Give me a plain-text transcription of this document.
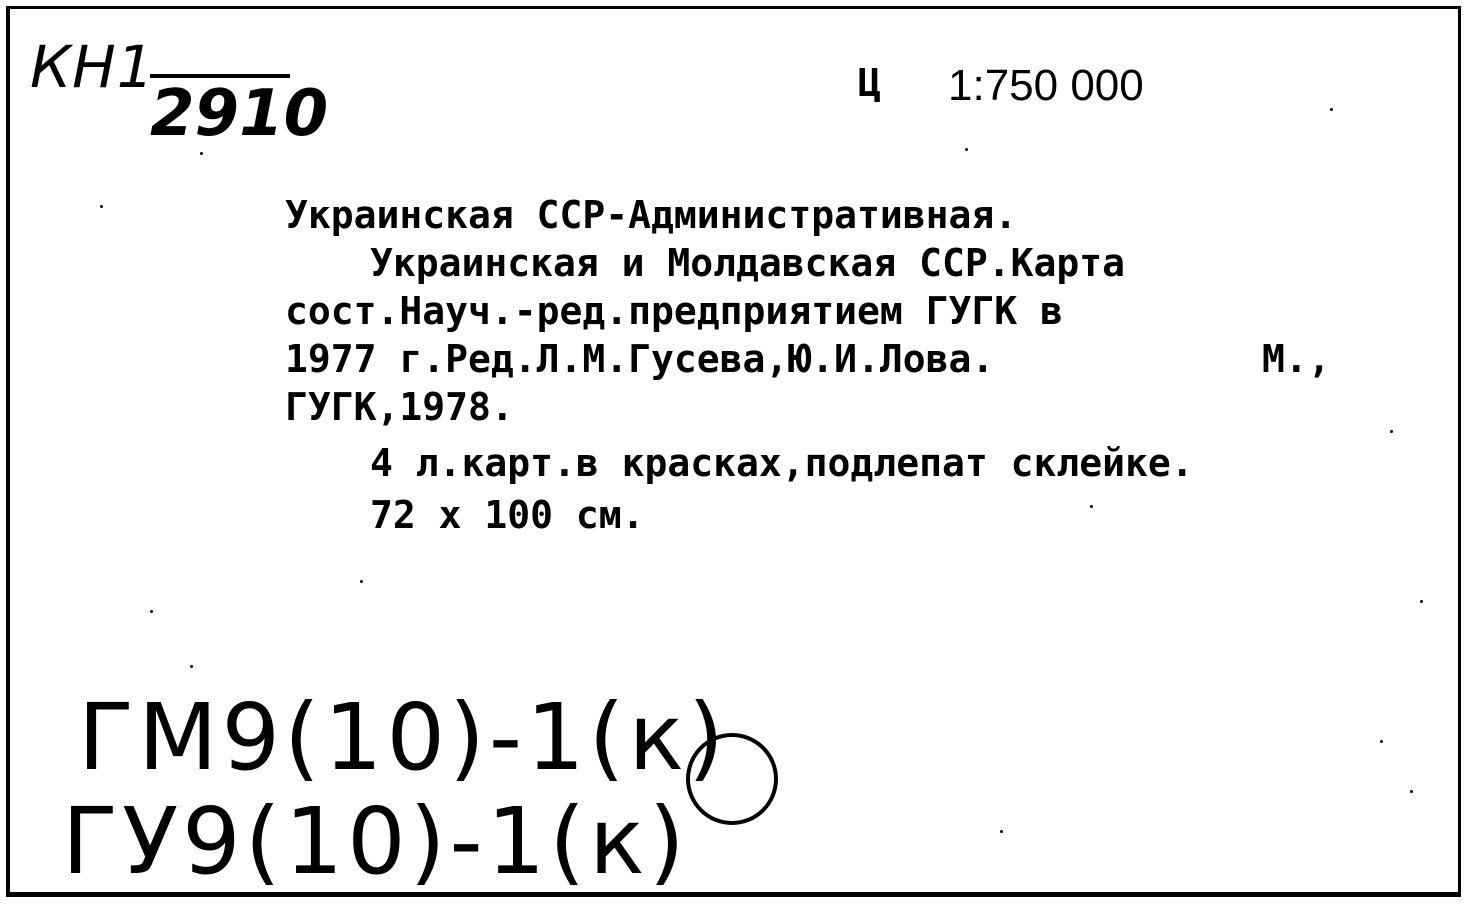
КН1
2910	Ц 1:750 000
Украинская ССР-Административная.
Украинская и Молдавская ССР.Карта
сост.Науч.-ред.предприятием ГУГК в
1977 г.Ред.Л.М.Гусева,Ю.И.Лова.	М.,
ГУГК,1978.
4 л.карт.в красках,подлепат склейке.
72 х 100 см.
ГМ9(10)-1(к)
ГУ9(10)-1(к)
